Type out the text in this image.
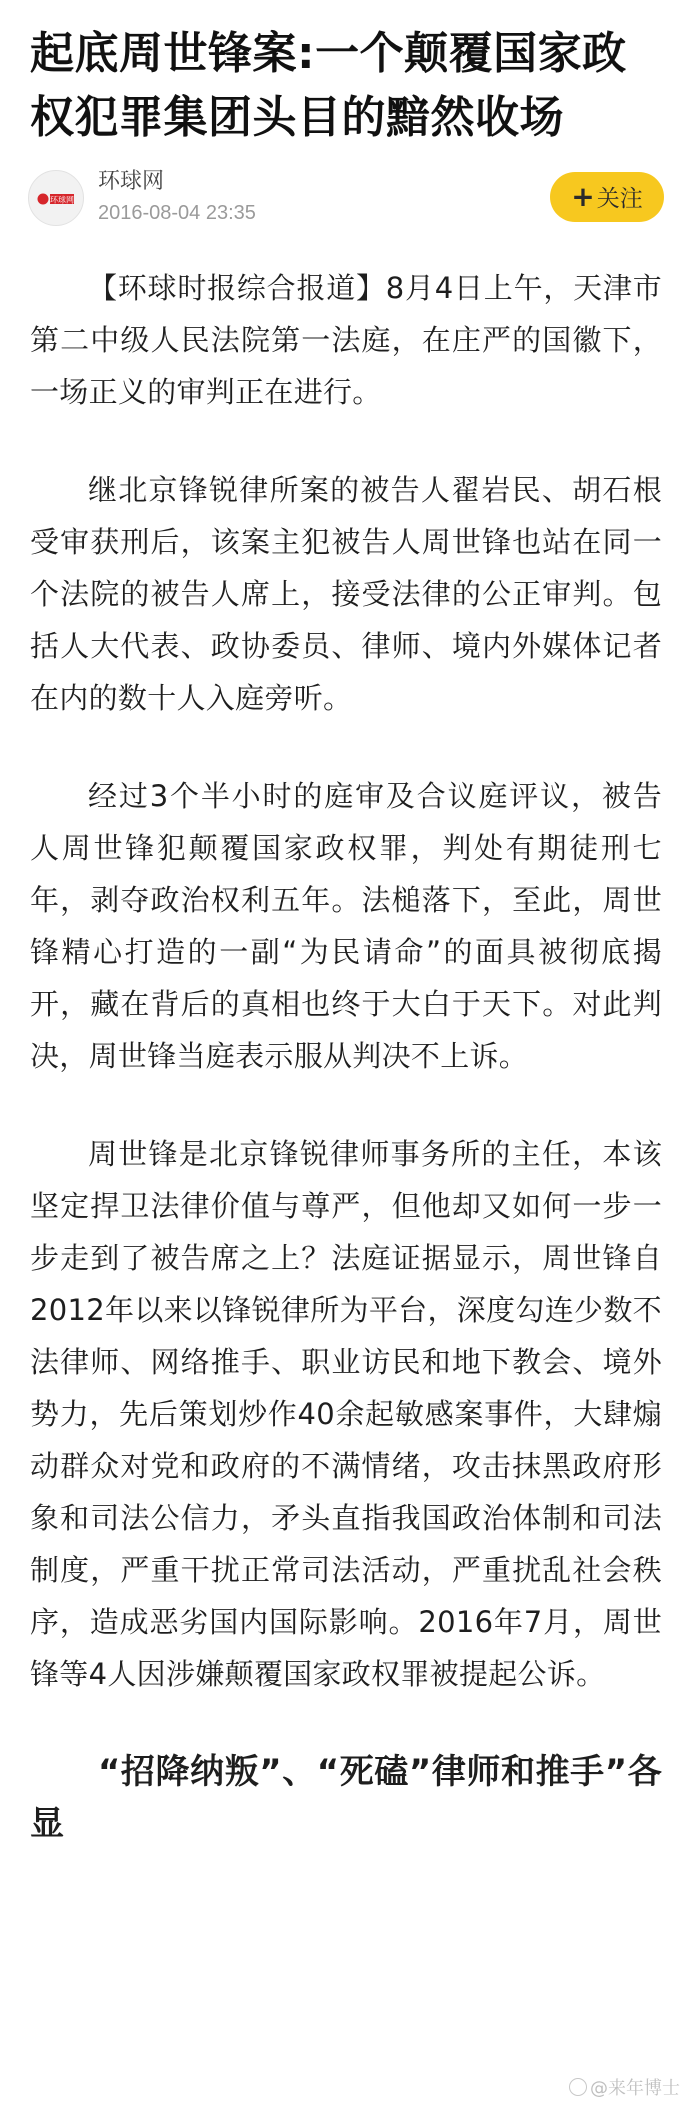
起底周世锋案:一个颠覆国家政权犯罪集团头目的黯然收场
环球网
环球网
2016-08-04 23:35	+关注

【环球时报综合报道】8月4日上午，天津市第二中级人民法院第一法庭，在庄严的国徽下，一场正义的审判正在进行。

继北京锋锐律所案的被告人翟岩民、胡石根受审获刑后，该案主犯被告人周世锋也站在同一个法院的被告人席上，接受法律的公正审判。包括人大代表、政协委员、律师、境内外媒体记者在内的数十人入庭旁听。

经过3个半小时的庭审及合议庭评议，被告人周世锋犯颠覆国家政权罪，判处有期徒刑七年，剥夺政治权利五年。法槌落下，至此，周世锋精心打造的一副“为民请命”的面具被彻底揭开，藏在背后的真相也终于大白于天下。对此判决，周世锋当庭表示服从判决不上诉。

周世锋是北京锋锐律师事务所的主任，本该坚定捍卫法律价值与尊严，但他却又如何一步一步走到了被告席之上？法庭证据显示，周世锋自2012年以来以锋锐律所为平台，深度勾连少数不法律师、网络推手、职业访民和地下教会、境外势力，先后策划炒作40余起敏感案事件，大肆煽动群众对党和政府的不满情绪，攻击抹黑政府形象和司法公信力，矛头直指我国政治体制和司法制度，严重干扰正常司法活动，严重扰乱社会秩序，造成恶劣国内国际影响。2016年7月，周世锋等4人因涉嫌颠覆国家政权罪被提起公诉。

“招降纳叛”、“死磕”律师和推手”各显

@来年博士
